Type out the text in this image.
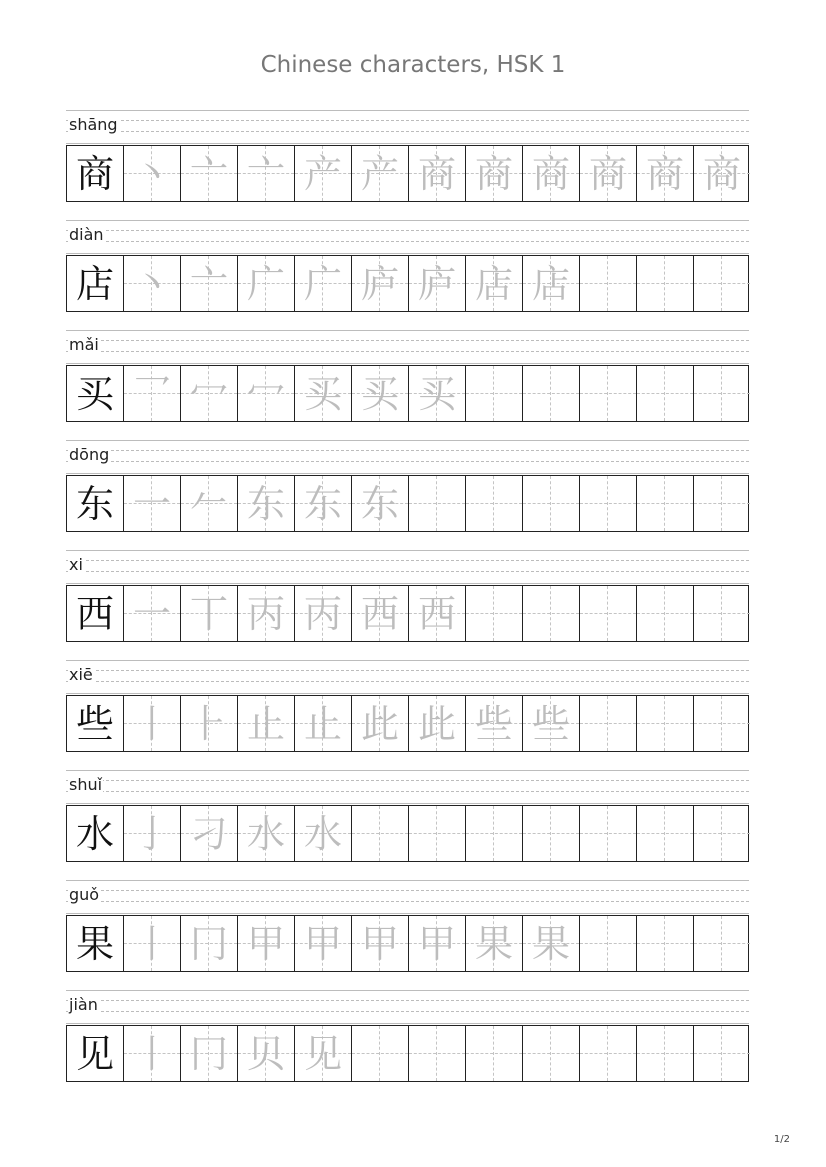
Chinese characters, HSK 1
shāng
商 丶 亠 亠 产 产 商 商 商 商 商 商
diàn
店 丶 亠 广 广 庐 庐 店 店
mǎi
买 乛 冖 冖 买 买 买
dōng
东 一 𠂉 东 东 东
xi
西 一 丅 丙 丙 西 西
xiē
些 丨 ⺊ 止 止 此 此 些 些
shuǐ
水 亅 刁 水 水
guǒ
果 丨 冂 甲 甲 甲 甲 果 果
jiàn
见 丨 冂 贝 见
1/2
